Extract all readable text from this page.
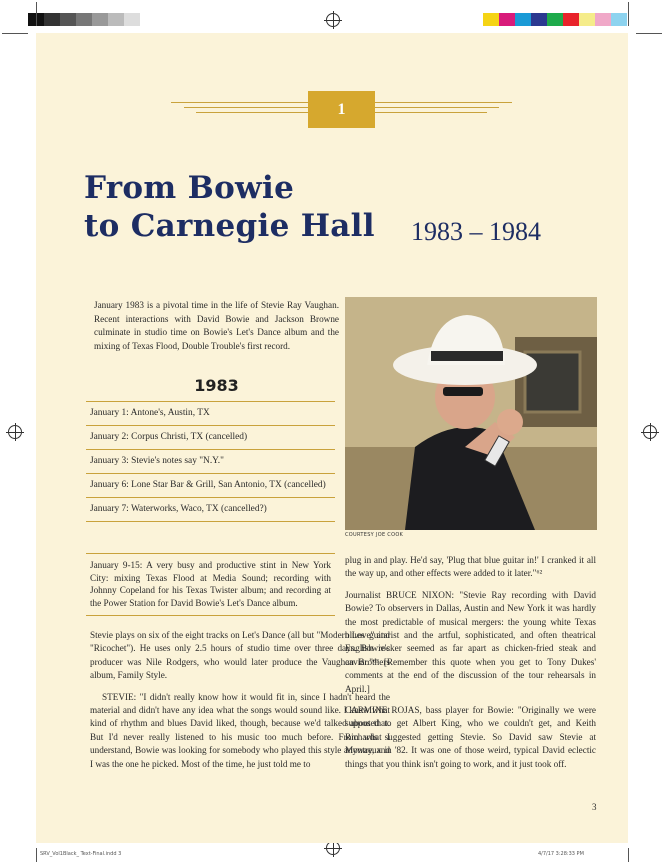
1
From Bowie
to Carnegie Hall 1983 – 1984

January 1983 is a pivotal time in the life of Stevie Ray Vaughan. Recent interactions with David Bowie and Jackson Browne culminate in studio time on Bowie's Let's Dance album and the mixing of Texas Flood, Double Trouble's first record.

1983
January 1: Antone's, Austin, TX
January 2: Corpus Christi, TX (cancelled)
January 3: Stevie's notes say "N.Y."
January 6: Lone Star Bar & Grill, San Antonio, TX (cancelled)
January 7: Waterworks, Waco, TX (cancelled?)
COURTESY JOE COOK

January 9-15: A very busy and productive stint in New York City: mixing Texas Flood at Media Sound; recording with Johnny Copeland for his Texas Twister album; and recording at the Power Station for David Bowie's Let's Dance album.

Stevie plays on six of the eight tracks on Let's Dance (all but "Modern Love" and "Ricochet"). He uses only 2.5 hours of studio time over three days. Bowie's producer was Nile Rodgers, who would later produce the Vaughan Brothers album, Family Style.

STEVIE: "I didn't really know how it would fit in, since I hadn't heard the material and didn't have any idea what the songs would sound like. I knew what kind of rhythm and blues David liked, though, because we'd talked about that. But I'd never really listened to his music too much before. From what I understand, Bowie was looking for somebody who played this style anyway, and I was the one he picked. Most of the time, he just told me to

plug in and play. He'd say, 'Plug that blue guitar in!' I cranked it all the way up, and other effects were added to it later."⁶²

Journalist BRUCE NIXON: "Stevie Ray recording with David Bowie? To observers in Dallas, Austin and New York it was hardly the most predictable of musical mergers: the young white Texas blues guitarist and the artful, sophisticated, and often theatrical English rocker seemed as far apart as chicken-fried steak and caviar."⁶³ [Remember this quote when you get to Tony Dukes' comments at the end of the discussion of the tour rehearsals in April.]

CARMINE ROJAS, bass player for Bowie: "Originally we were supposed to get Albert King, who we couldn't get, and Keith Richards suggested getting Stevie. So David saw Stevie at Montreux in '82. It was one of those weird, typical David eclectic things that you think isn't going to work, and it just took off.

3
SRV_Vol1Black_ Text-Final.indd 3	4/7/17 3:28:33 PM
